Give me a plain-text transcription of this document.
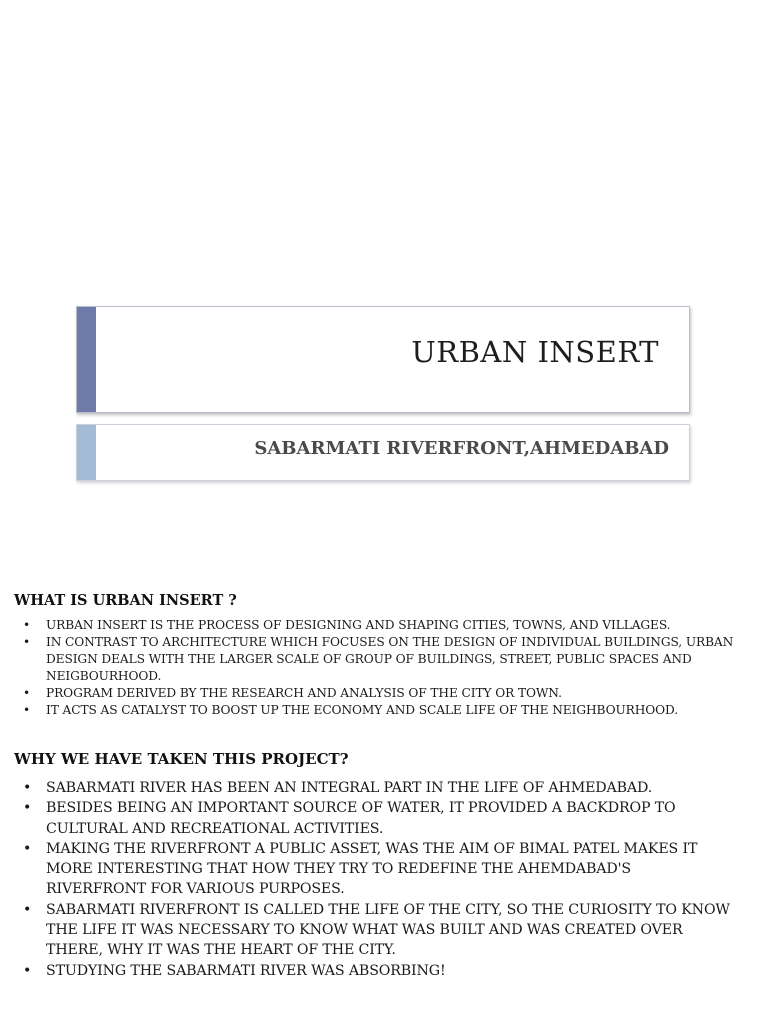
URBAN INSERT
SABARMATI RIVERFRONT,AHMEDABAD
WHAT IS URBAN INSERT ?
• URBAN INSERT IS THE PROCESS OF DESIGNING AND SHAPING CITIES, TOWNS, AND VILLAGES.
• IN CONTRAST TO ARCHITECTURE WHICH FOCUSES ON THE DESIGN OF INDIVIDUAL BUILDINGS, URBAN DESIGN DEALS WITH THE LARGER SCALE OF GROUP OF BUILDINGS, STREET, PUBLIC SPACES AND NEIGBOURHOOD.
• PROGRAM DERIVED BY THE RESEARCH AND ANALYSIS OF THE CITY OR TOWN.
• IT ACTS AS CATALYST TO BOOST UP THE ECONOMY AND SCALE LIFE OF THE NEIGHBOURHOOD.
WHY WE HAVE TAKEN THIS PROJECT?
• SABARMATI RIVER HAS BEEN AN INTEGRAL PART IN THE LIFE OF AHMEDABAD.
• BESIDES BEING AN IMPORTANT SOURCE OF WATER, IT PROVIDED A BACKDROP TO CULTURAL AND RECREATIONAL ACTIVITIES.
• MAKING THE RIVERFRONT A PUBLIC ASSET, WAS THE AIM OF BIMAL PATEL MAKES IT MORE INTERESTING THAT HOW THEY TRY TO REDEFINE THE AHEMDABAD'S RIVERFRONT FOR VARIOUS PURPOSES.
• SABARMATI RIVERFRONT IS CALLED THE LIFE OF THE CITY, SO THE CURIOSITY TO KNOW THE LIFE IT WAS NECESSARY TO KNOW WHAT WAS BUILT AND WAS CREATED OVER THERE, WHY IT WAS THE HEART OF THE CITY.
• STUDYING THE SABARMATI RIVER WAS ABSORBING!
